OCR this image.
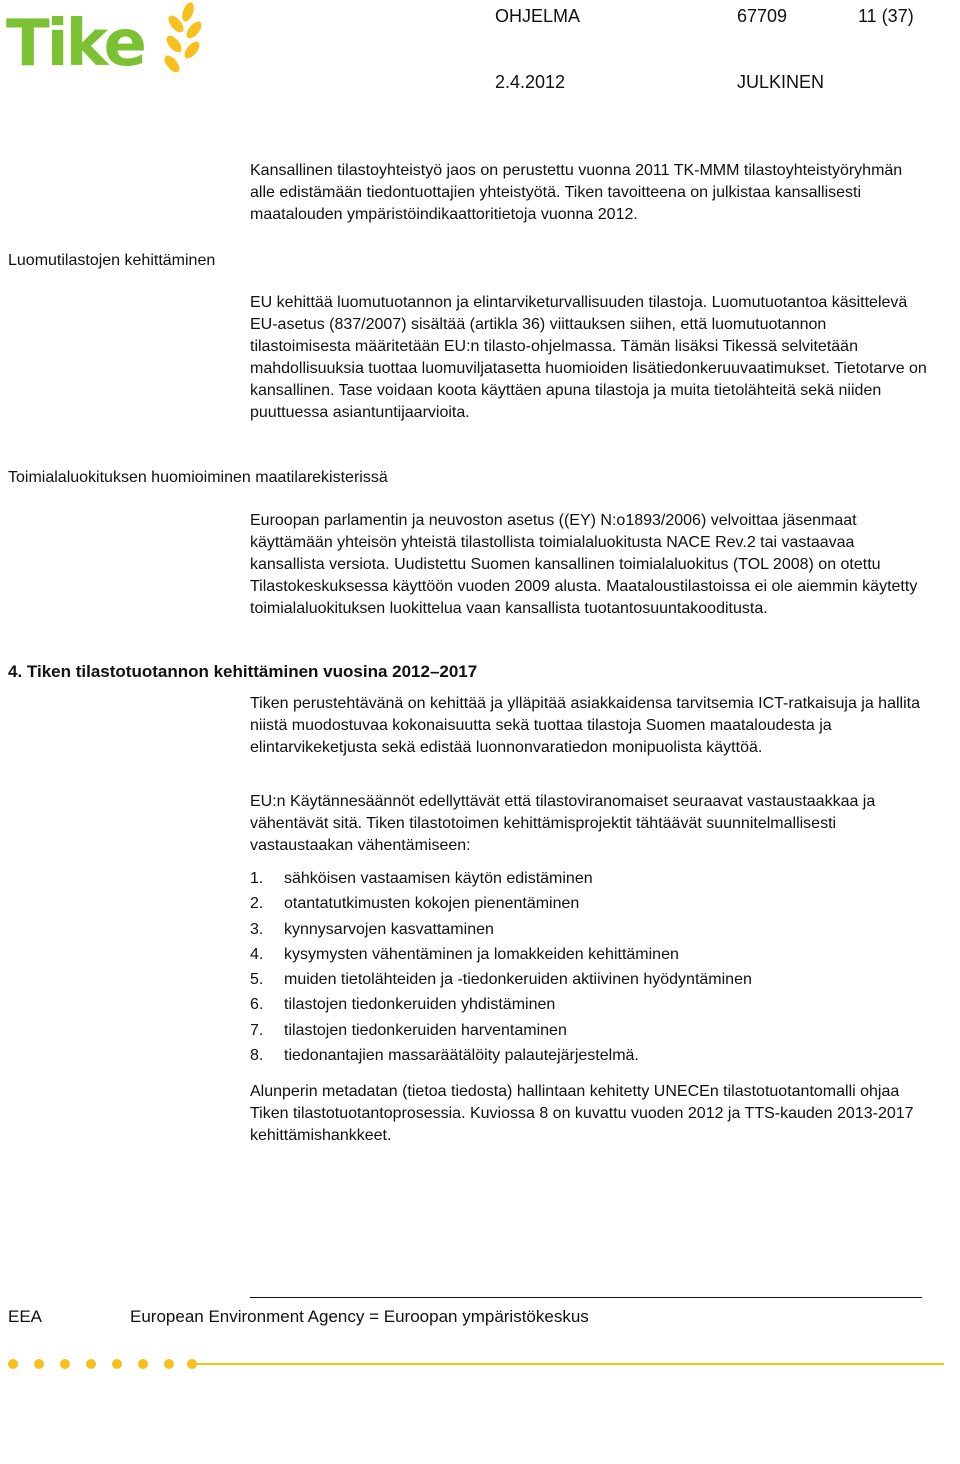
Tike	OHJELMA	67709	11 (37)
2.4.2012	JULKINEN
Luomutilastojen kehittäminen
Toimialaluokituksen huomioiminen maatilarekisterissä

Kansallinen tilastoyhteistyö jaos on perustettu vuonna 2011 TK-MMM tilastoyhteistyöryhmän alle edistämään tiedontuottajien yhteistyötä. Tiken tavoitteena on julkistaa kansallisesti maatalouden ympäristöindikaattoritietoja vuonna 2012.

EU kehittää luomutuotannon ja elintarviketurvallisuuden tilastoja. Luomutuotantoa käsittelevä EU-asetus (837/2007) sisältää (artikla 36) viittauksen siihen, että luomutuotannon tilastoimisesta määritetään EU:n tilasto-ohjelmassa. Tämän lisäksi Tikessä selvitetään mahdollisuuksia tuottaa luomuviljatasetta huomioiden lisätiedonkeruuvaatimukset. Tietotarve on kansallinen. Tase voidaan koota käyttäen apuna tilastoja ja muita tietolähteitä sekä niiden puuttuessa asiantuntijaarvioita.

Euroopan parlamentin ja neuvoston asetus ((EY) N:o1893/2006) velvoittaa jäsenmaat käyttämään yhteisön yhteistä tilastollista toimialaluokitusta NACE Rev.2 tai vastaavaa kansallista versiota. Uudistettu Suomen kansallinen toimialaluokitus (TOL 2008) on otettu Tilastokeskuksessa käyttöön vuoden 2009 alusta. Maataloustilastoissa ei ole aiemmin käytetty toimialaluokituksen luokittelua vaan kansallista tuotantosuuntakooditusta.

4. Tiken tilastotuotannon kehittäminen vuosina 2012–2017

Tiken perustehtävänä on kehittää ja ylläpitää asiakkaidensa tarvitsemia ICT-ratkaisuja ja hallita niistä muodostuvaa kokonaisuutta sekä tuottaa tilastoja Suomen maataloudesta ja elintarvikeketjusta sekä edistää luonnonvaratiedon monipuolista käyttöä.

EU:n Käytännesäännöt edellyttävät että tilastoviranomaiset seuraavat vastaustaakkaa ja vähentävät sitä. Tiken tilastotoimen kehittämisprojektit tähtäävät suunnitelmallisesti vastaustaakan vähentämiseen:

1.	sähköisen vastaamisen käytön edistäminen
2.	otantatutkimusten kokojen pienentäminen
3.	kynnysarvojen kasvattaminen
4.	kysymysten vähentäminen ja lomakkeiden kehittäminen
5.	muiden tietolähteiden ja -tiedonkeruiden aktiivinen hyödyntäminen
6.	tilastojen tiedonkeruiden yhdistäminen
7.	tilastojen tiedonkeruiden harventaminen
8.	tiedonantajien massaräätälöity palautejärjestelmä.

Alunperin metadatan (tietoa tiedosta) hallintaan kehitetty UNECEn tilastotuotantomalli ohjaa Tiken tilastotuotantoprosessia. Kuviossa 8 on kuvattu vuoden 2012 ja TTS-kauden 2013-2017 kehittämishankkeet.

EEA	European Environment Agency = Euroopan ympäristökeskus
